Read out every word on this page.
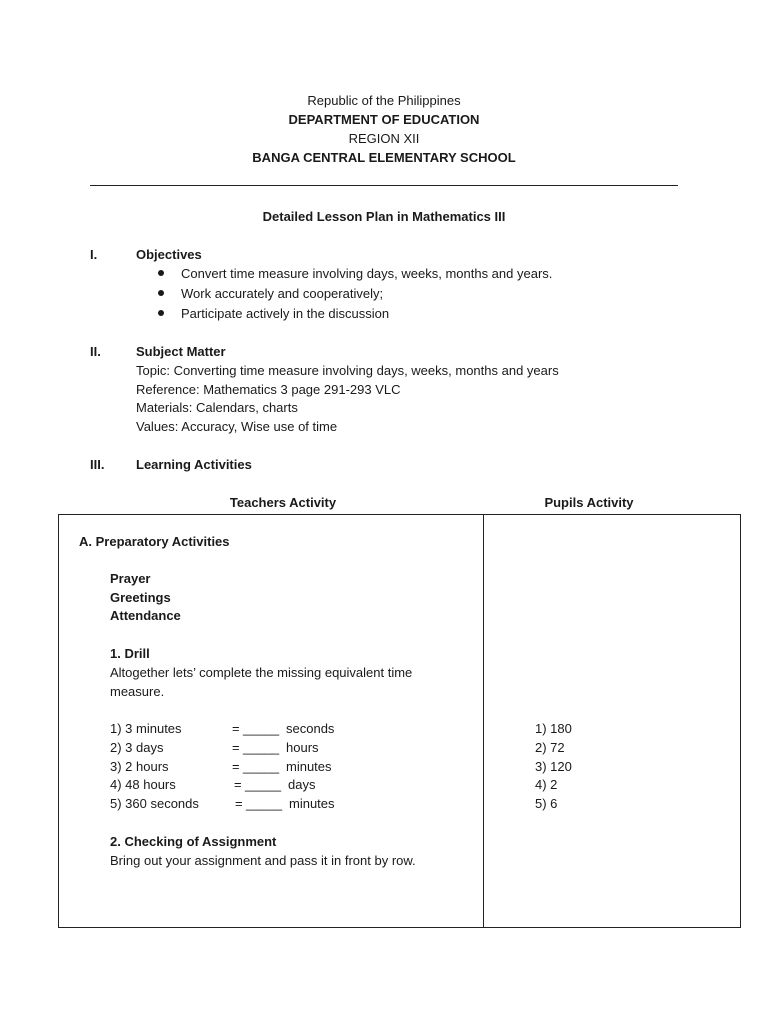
Republic of the Philippines
DEPARTMENT OF EDUCATION
REGION XII
BANGA CENTRAL ELEMENTARY SCHOOL
Detailed Lesson Plan in Mathematics III
I.	Objectives
Convert time measure involving days, weeks, months and years.
Work accurately and cooperatively;
Participate actively in the discussion
II.	Subject Matter
Topic: Converting time measure involving days, weeks, months and years
Reference: Mathematics 3 page 291-293 VLC
Materials: Calendars, charts
Values: Accuracy, Wise use of time
III. Learning Activities
Teachers Activity	Pupils Activity
A. Preparatory Activities
Prayer
Greetings
Attendance
1. Drill
Altogether lets’ complete the missing equivalent time
measure.
1) 3 minutes	= _____ seconds
2) 3 days	= _____ hours
3) 2 hours	= _____ minutes
4) 48 hours	= _____ days
5) 360 seconds	= _____ minutes
1) 180
2) 72
3) 120
4) 2
5) 6
2. Checking of Assignment
Bring out your assignment and pass it in front by row.
